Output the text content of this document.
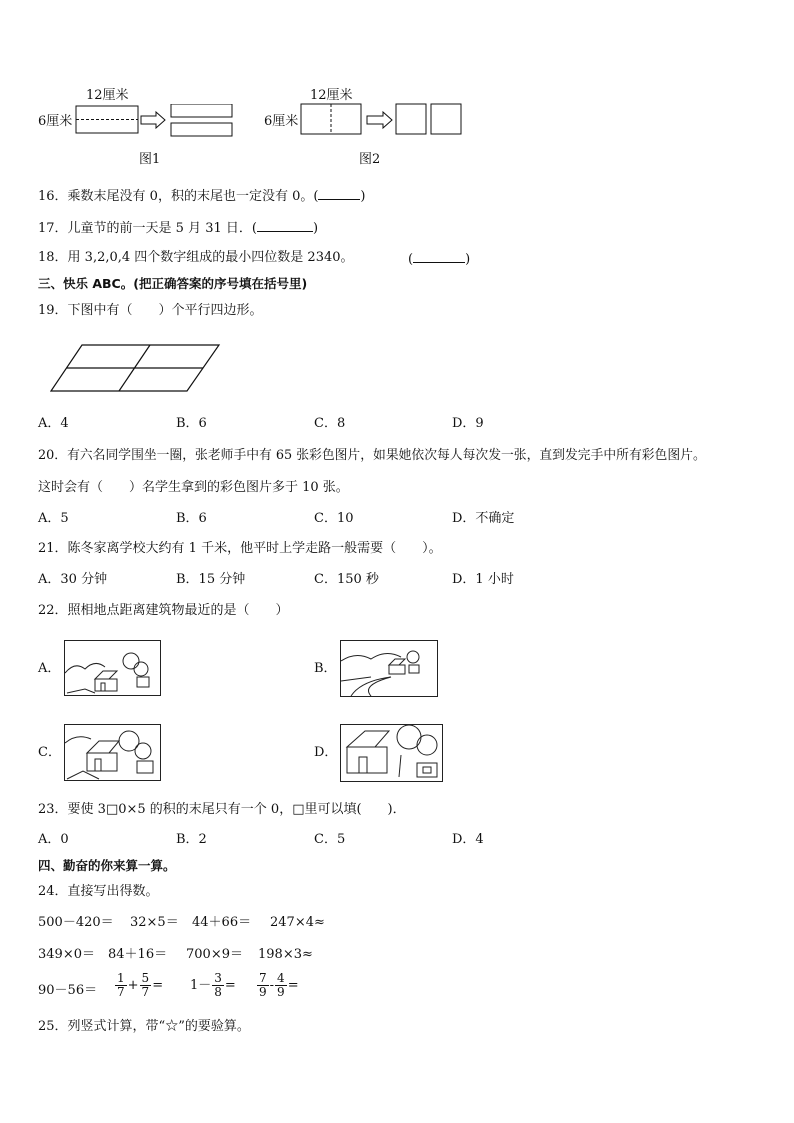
12厘米
6厘米
图1
12厘米
6厘米
图2
16．乘数末尾没有 0，积的末尾也一定没有 0。(	)
17．儿童节的前一天是 5 月 31 日．(	)
18．用 3,2,0,4 四个数字组成的最小四位数是 2340。	(	)
三、快乐 ABC。(把正确答案的序号填在括号里)
19．下图中有（　　）个平行四边形。
A．4	B．6	C．8	D．9
20．有六名同学围坐一圈，张老师手中有 65 张彩色图片，如果她依次每人每次发一张，直到发完手中所有彩色图片。
这时会有（　　）名学生拿到的彩色图片多于 10 张。
A．5	B．6	C．10	D．不确定
21．陈冬家离学校大约有 1 千米，他平时上学走路一般需要（　　）。
A．30 分钟	B．15 分钟	C．150 秒	D．1 小时
22．照相地点距离建筑物最近的是（　　）
A．	B．
C．	D．
23．要使 3□0×5 的积的末尾只有一个 0，□里可以填(　　)．
A．0	B．2	C．5	D．4
四、勤奋的你来算一算。
24．直接写出得数。
500－420＝ 32×5＝ 44＋66＝ 247×4≈
349×0＝ 84＋16＝ 700×9＝ 198×3≈
$90-56= \frac{1}{7} + \frac{5}{7} = 1- \frac{3}{8} = \frac{7}{9} - \frac{4}{9}$ =
25．列竖式计算，带“☆”的要验算。
